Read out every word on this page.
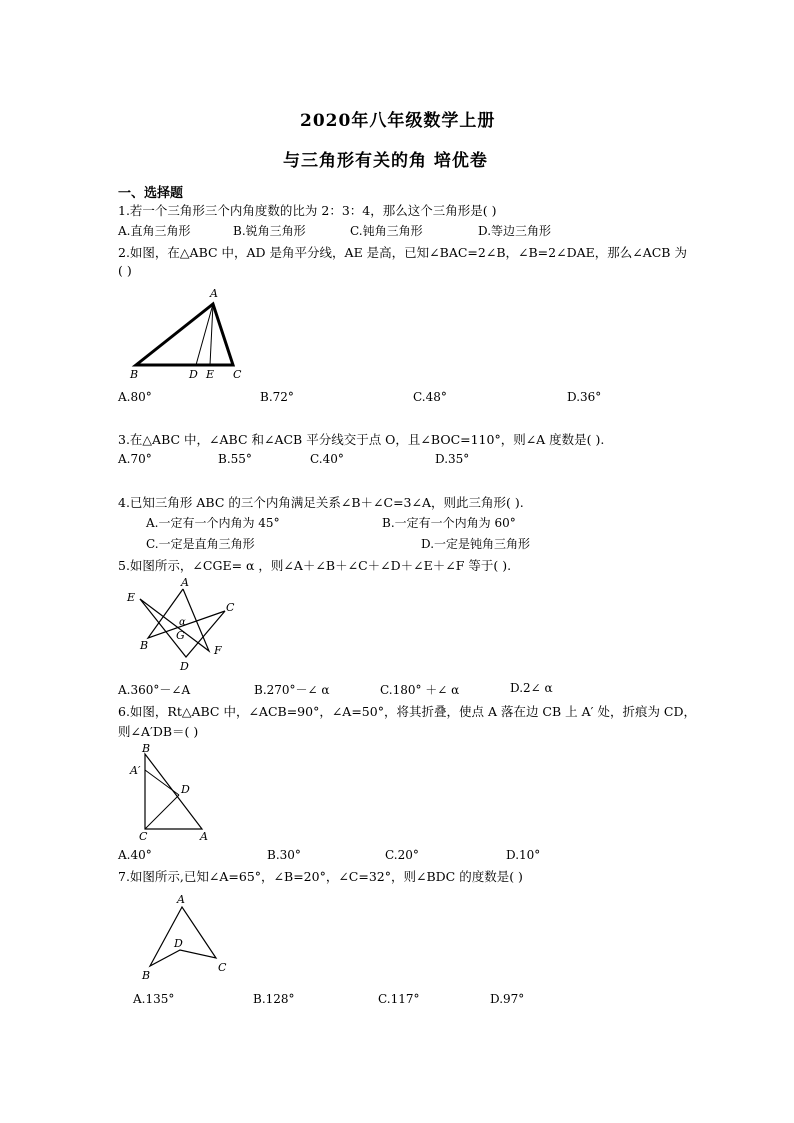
2020年八年级数学上册
与三角形有关的角 培优卷
一、选择题
1.若一个三角形三个内角度数的比为 2：3：4，那么这个三角形是( )
A.直角三角形	B.锐角三角形	C.钝角三角形	D.等边三角形
2.如图，在△ABC 中，AD 是角平分线，AE 是高，已知∠BAC=2∠B，∠B=2∠DAE，那么∠ACB 为
( )
A
B	D E C
A.80°	B.72°	C.48°	D.36°
3.在△ABC 中，∠ABC 和∠ACB 平分线交于点 O，且∠BOC=110°，则∠A 度数是( ).
A.70°	B.55°	C.40°	D.35°
4.已知三角形 ABC 的三个内角满足关系∠B＋∠C=3∠A，则此三角形( ).
A.一定有一个内角为 45°	B.一定有一个内角为 60°
C.一定是直角三角形	D.一定是钝角三角形
5.如图所示，∠CGE= α ，则∠A＋∠B＋∠C＋∠D＋∠E＋∠F 等于( ).
A
E
C
α
G
B	F
D
A.360°－∠A	B.270°－∠ α	C.180° ＋∠ α	D.2∠ α
6.如图，Rt△ABC 中，∠ACB=90°，∠A=50°，将其折叠，使点 A 落在边 CB 上 A′ 处，折痕为 CD，
则∠A′DB＝( )
B
A′
D
C	A
A.40°	B.30°	C.20°	D.10°
7.如图所示,已知∠A=65°，∠B=20°，∠C=32°，则∠BDC 的度数是( )
A
D
B
C
A.135°	B.128°	C.117°	D.97°
